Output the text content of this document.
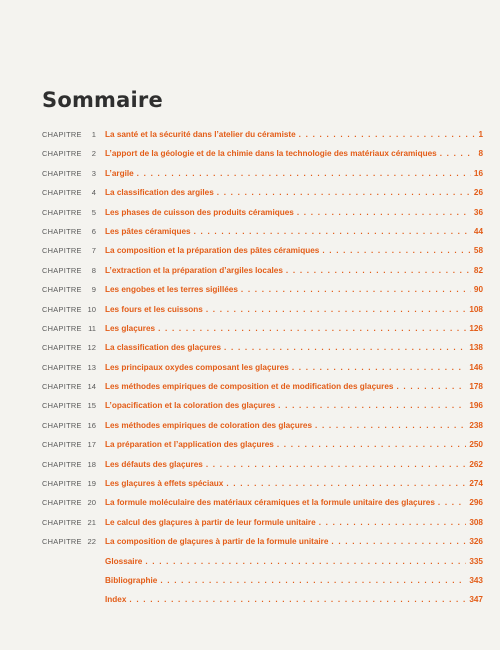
Sommaire
CHAPITRE	1 La santé et la sécurité dans l’atelier du céramiste . . .	1
CHAPITRE	2 L’apport de la géologie et de la chimie dans la technologie des matériaux céramiques . . .	8
CHAPITRE	3 L’argile . . .	16
CHAPITRE	4 La classification des argiles . . .	26
CHAPITRE	5 Les phases de cuisson des produits céramiques . . .	36
CHAPITRE	6 Les pâtes céramiques . . .	44
CHAPITRE	7 La composition et la préparation des pâtes céramiques . . .	58
CHAPITRE	8 L’extraction et la préparation d’argiles locales . . .	82
CHAPITRE	9 Les engobes et les terres sigillées . . .	90
CHAPITRE 10 Les fours et les cuissons . . .	108
CHAPITRE 11 Les glaçures . . .	126
CHAPITRE 12 La classification des glaçures . . .	138
CHAPITRE 13 Les principaux oxydes composant les glaçures . . .	146
CHAPITRE 14 Les méthodes empiriques de composition et de modification des glaçures . . .	178
CHAPITRE 15 L’opacification et la coloration des glaçures . . .	196
CHAPITRE 16 Les méthodes empiriques de coloration des glaçures . . .	238
CHAPITRE 17 La préparation et l’application des glaçures . . .	250
CHAPITRE 18 Les défauts des glaçures . . .	262
CHAPITRE 19 Les glaçures à effets spéciaux . . .	274
CHAPITRE 20 La formule moléculaire des matériaux céramiques et la formule unitaire des glaçures . . .	296
CHAPITRE 21 Le calcul des glaçures à partir de leur formule unitaire . . .	308
CHAPITRE 22 La composition de glaçures à partir de la formule unitaire . . .	326
Glossaire . . .	335
Bibliographie . . .	343
Index . . .	347
